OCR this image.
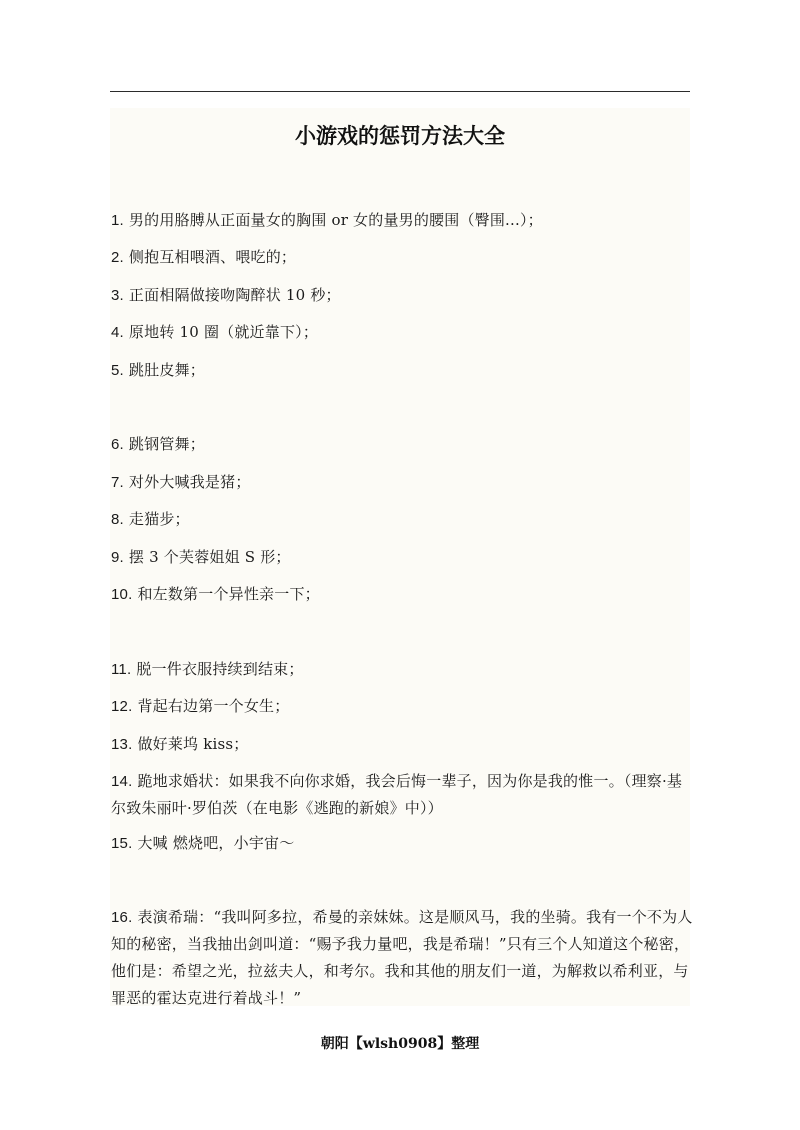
小游戏的惩罚方法大全

1. 男的用胳膊从正面量女的胸围 or 女的量男的腰围（臀围...）；

2. 侧抱互相喂酒、喂吃的；

3. 正面相隔做接吻陶醉状 10 秒；

4. 原地转 10 圈（就近靠下）；

5. 跳肚皮舞；

6. 跳钢管舞；

7. 对外大喊我是猪；

8. 走猫步；

9. 摆 3 个芙蓉姐姐 S 形；

10. 和左数第一个异性亲一下；

11. 脱一件衣服持续到结束；

12. 背起右边第一个女生；

13. 做好莱坞 kiss；

14. 跪地求婚状：如果我不向你求婚，我会后悔一辈子，因为你是我的惟一。（理察·基尔致朱丽叶·罗伯茨（在电影《逃跑的新娘》中））

15. 大喊 燃烧吧，小宇宙～

16. 表演希瑞：“我叫阿多拉，希曼的亲妹妹。这是顺风马，我的坐骑。我有一个不为人知的秘密，当我抽出剑叫道：“赐予我力量吧，我是希瑞！”只有三个人知道这个秘密，他们是：希望之光，拉兹夫人，和考尔。我和其他的朋友们一道，为解救以希利亚，与罪恶的霍达克进行着战斗！”

朝阳【wlsh0908】整理
